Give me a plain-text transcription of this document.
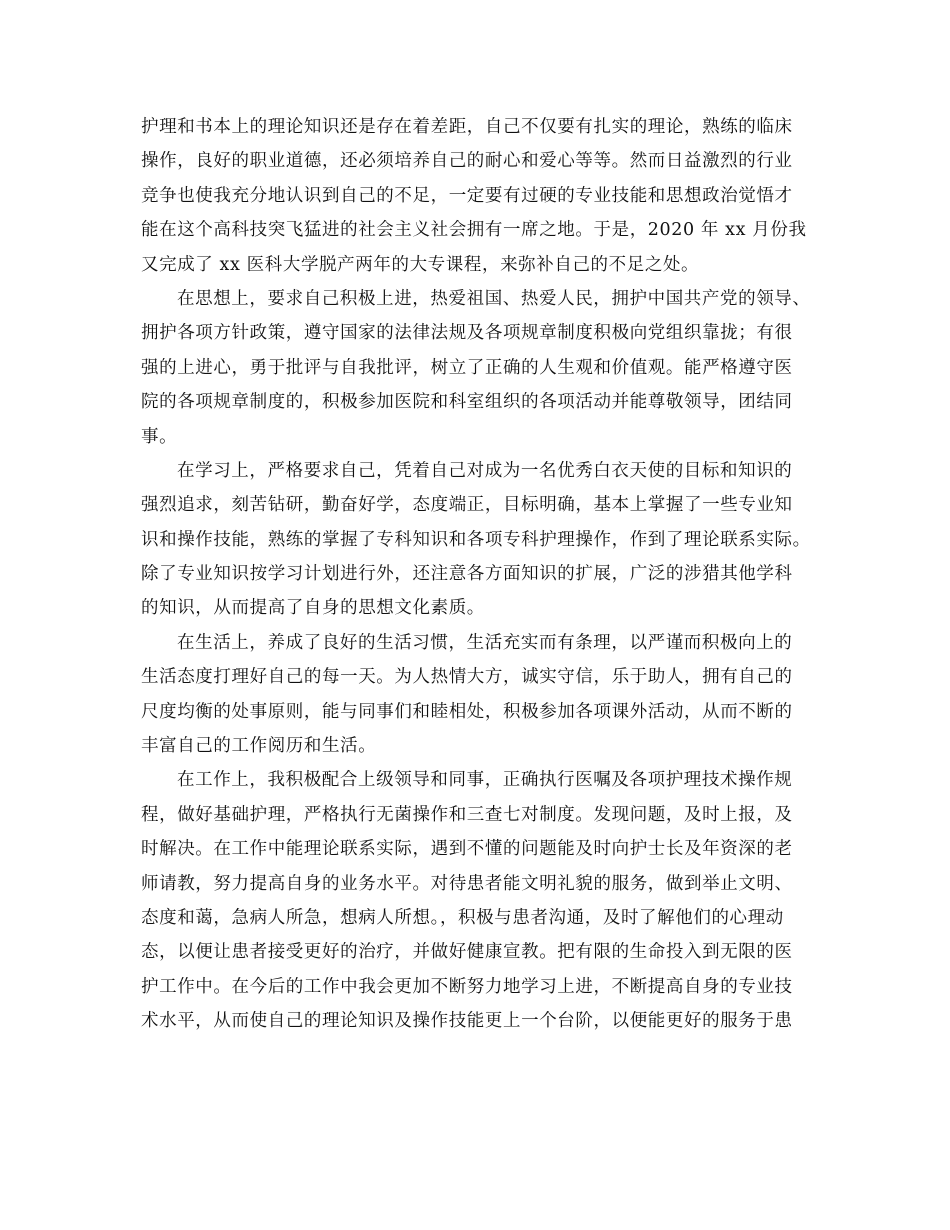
护理和书本上的理论知识还是存在着差距，自己不仅要有扎实的理论，熟练的临床
操作，良好的职业道德，还必须培养自己的耐心和爱心等等。然而日益激烈的行业
竞争也使我充分地认识到自己的不足，一定要有过硬的专业技能和思想政治觉悟才
能在这个高科技突飞猛进的社会主义社会拥有一席之地。于是，2020 年 xx 月份我
又完成了 xx 医科大学脱产两年的大专课程，来弥补自己的不足之处。
在思想上，要求自己积极上进，热爱祖国、热爱人民，拥护中国共产党的领导、
拥护各项方针政策，遵守国家的法律法规及各项规章制度积极向党组织靠拢；有很
强的上进心，勇于批评与自我批评，树立了正确的人生观和价值观。能严格遵守医
院的各项规章制度的，积极参加医院和科室组织的各项活动并能尊敬领导，团结同
事。
在学习上，严格要求自己，凭着自己对成为一名优秀白衣天使的目标和知识的
强烈追求，刻苦钻研，勤奋好学，态度端正，目标明确，基本上掌握了一些专业知
识和操作技能，熟练的掌握了专科知识和各项专科护理操作，作到了理论联系实际。
除了专业知识按学习计划进行外，还注意各方面知识的扩展，广泛的涉猎其他学科
的知识，从而提高了自身的思想文化素质。
在生活上，养成了良好的生活习惯，生活充实而有条理，以严谨而积极向上的
生活态度打理好自己的每一天。为人热情大方，诚实守信，乐于助人，拥有自己的
尺度均衡的处事原则，能与同事们和睦相处，积极参加各项课外活动，从而不断的
丰富自己的工作阅历和生活。
在工作上，我积极配合上级领导和同事，正确执行医嘱及各项护理技术操作规
程，做好基础护理，严格执行无菌操作和三查七对制度。发现问题，及时上报，及
时解决。在工作中能理论联系实际，遇到不懂的问题能及时向护士长及年资深的老
师请教，努力提高自身的业务水平。对待患者能文明礼貌的服务，做到举止文明、
态度和蔼，急病人所急，想病人所想。，积极与患者沟通，及时了解他们的心理动
态，以便让患者接受更好的治疗，并做好健康宣教。把有限的生命投入到无限的医
护工作中。在今后的工作中我会更加不断努力地学习上进，不断提高自身的专业技
术水平，从而使自己的理论知识及操作技能更上一个台阶，以便能更好的服务于患
